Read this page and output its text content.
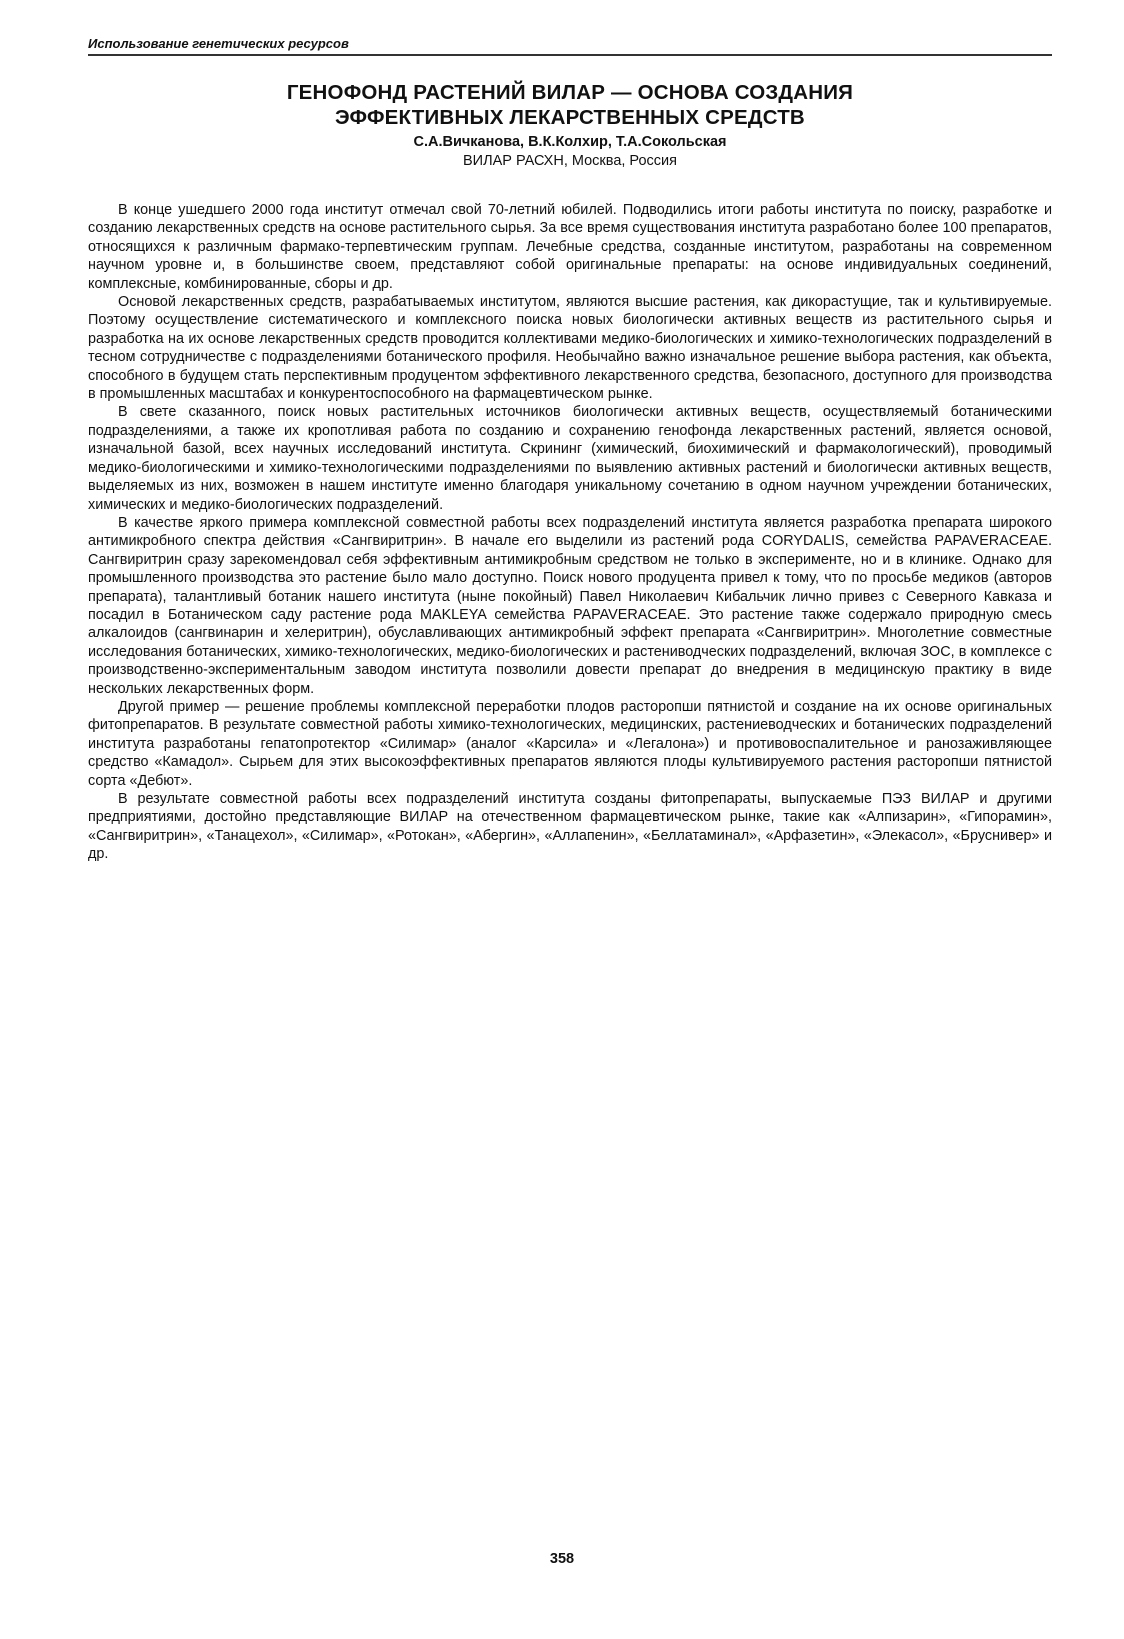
Использование генетических ресурсов
ГЕНОФОНД РАСТЕНИЙ ВИЛАР — ОСНОВА СОЗДАНИЯ
ЭФФЕКТИВНЫХ ЛЕКАРСТВЕННЫХ СРЕДСТВ
С.А.Вичканова, В.К.Колхир, Т.А.Сокольская
ВИЛАР РАСХН, Москва, Россия

В конце ушедшего 2000 года институт отмечал свой 70-летний юбилей. Подводились итоги работы института по поиску, разработке и созданию лекарственных средств на основе растительного сырья. За все время существования института разработано более 100 препаратов, относящихся к различным фармако-терпевтическим группам. Лечебные средства, созданные институтом, разработаны на современном научном уровне и, в большинстве своем, представляют собой оригинальные препараты: на основе индивидуальных соединений, комплексные, комбинированные, сборы и др.

Основой лекарственных средств, разрабатываемых институтом, являются высшие растения, как дикорастущие, так и культивируемые. Поэтому осуществление систематического и комплексного поиска новых биологически активных веществ из растительного сырья и разработка на их основе лекарственных средств проводится коллективами медико-биологических и химико-технологических подразделений в тесном сотрудничестве с подразделениями ботанического профиля. Необычайно важно изначальное решение выбора растения, как объекта, способного в будущем стать перспективным продуцентом эффективного лекарственного средства, безопасного, доступного для производства в промышленных масштабах и конкурентоспособного на фармацевтическом рынке.

В свете сказанного, поиск новых растительных источников биологически активных веществ, осуществляемый ботаническими подразделениями, а также их кропотливая работа по созданию и сохранению генофонда лекарственных растений, является основой, изначальной базой, всех научных исследований института. Скрининг (химический, биохимический и фармакологический), проводимый медико-биологическими и химико-технологическими подразделениями по выявлению активных растений и биологически активных веществ, выделяемых из них, возможен в нашем институте именно благодаря уникальному сочетанию в одном научном учреждении ботанических, химических и медико-биологических подразделений.

В качестве яркого примера комплексной совместной работы всех подразделений института является разработка препарата широкого антимикробного спектра действия «Сангвиритрин». В начале его выделили из растений рода CORYDALIS, семейства PAPAVERACEAE. Сангвиритрин сразу зарекомендовал себя эффективным антимикробным средством не только в эксперименте, но и в клинике. Однако для промышленного производства это растение было мало доступно. Поиск нового продуцента привел к тому, что по просьбе медиков (авторов препарата), талантливый ботаник нашего института (ныне покойный) Павел Николаевич Кибальчик лично привез с Северного Кавказа и посадил в Ботаническом саду растение рода MAKLEYA семейства PAPAVERACEAE. Это растение также содержало природную смесь алкалоидов (сангвинарин и хелеритрин), обуславливающих антимикробный эффект препарата «Сангвиритрин». Многолетние совместные исследования ботанических, химико-технологических, медико-биологических и растениводческих подразделений, включая ЗОС, в комплексе с производственно-экспериментальным заводом института позволили довести препарат до внедрения в медицинскую практику в виде нескольких лекарственных форм.

Другой пример — решение проблемы комплексной переработки плодов расторопши пятнистой и создание на их основе оригинальных фитопрепаратов. В результате совместной работы химико-технологических, медицинских, растениеводческих и ботанических подразделений института разработаны гепатопротектор «Силимар» (аналог «Карсила» и «Легалона») и противовоспалительное и ранозаживляющее средство «Камадол». Сырьем для этих высокоэффективных препаратов являются плоды культивируемого растения расторопши пятнистой сорта «Дебют».

В результате совместной работы всех подразделений института созданы фитопрепараты, выпускаемые ПЭЗ ВИЛАР и другими предприятиями, достойно представляющие ВИЛАР на отечественном фармацевтическом рынке, такие как «Алпизарин», «Гипорамин», «Сангвиритрин», «Танацехол», «Силимар», «Ротокан», «Абергин», «Аллапенин», «Беллатаминал», «Арфазетин», «Элекасол», «Бруснивер» и др.

358
